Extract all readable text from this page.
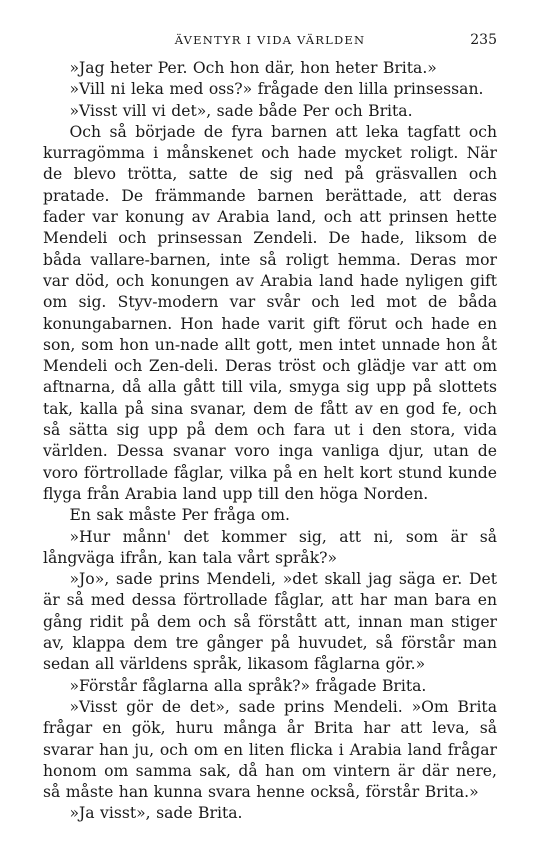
ÄVENTYR I VIDA VÄRLDEN	235

»Jag heter Per. Och hon där, hon heter Brita.»

»Vill ni leka med oss?» frågade den lilla prinsessan.

»Visst vill vi det», sade både Per och Brita.

Och så började de fyra barnen att leka tagfatt och kurragömma i månskenet och hade mycket roligt. När de blevo trötta, satte de sig ned på gräsvallen och pratade. De främmande barnen berättade, att deras fader var konung av Arabia land, och att prinsen hette Mendeli och prinsessan Zendeli. De hade, liksom de båda vallare-barnen, inte så roligt hemma. Deras mor var död, och konungen av Arabia land hade nyligen gift om sig. Styv-modern var svår och led mot de båda konungabarnen. Hon hade varit gift förut och hade en son, som hon un-nade allt gott, men intet unnade hon åt Mendeli och Zen-deli. Deras tröst och glädje var att om aftnarna, då alla gått till vila, smyga sig upp på slottets tak, kalla på sina svanar, dem de fått av en god fe, och så sätta sig upp på dem och fara ut i den stora, vida världen. Dessa svanar voro inga vanliga djur, utan de voro förtrollade fåglar, vilka på en helt kort stund kunde flyga från Arabia land upp till den höga Norden.

En sak måste Per fråga om.

»Hur månn' det kommer sig, att ni, som är så långväga ifrån, kan tala vårt språk?»

»Jo», sade prins Mendeli, »det skall jag säga er. Det är så med dessa förtrollade fåglar, att har man bara en gång ridit på dem och så förstått att, innan man stiger av, klappa dem tre gånger på huvudet, så förstår man sedan all världens språk, likasom fåglarna gör.»

»Förstår fåglarna alla språk?» frågade Brita.

»Visst gör de det», sade prins Mendeli. »Om Brita frågar en gök, huru många år Brita har att leva, så svarar han ju, och om en liten flicka i Arabia land frågar honom om samma sak, då han om vintern är där nere, så måste han kunna svara henne också, förstår Brita.»

»Ja visst», sade Brita.
